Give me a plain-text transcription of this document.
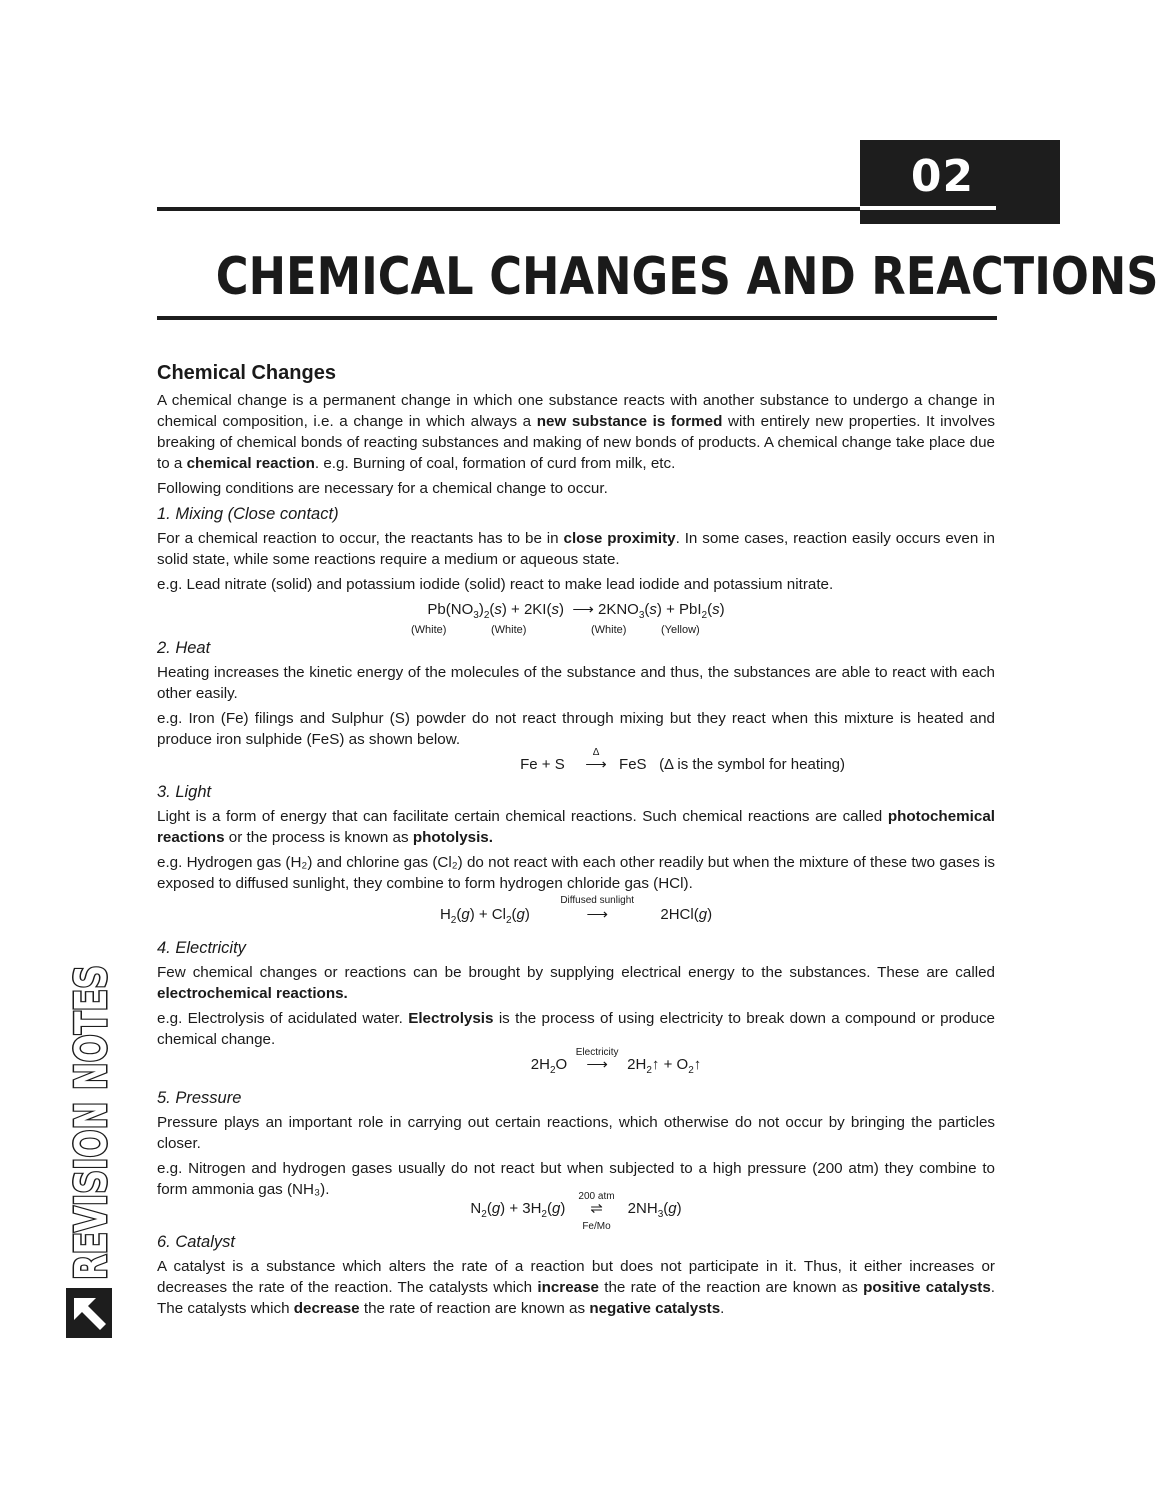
02
CHEMICAL CHANGES AND REACTIONS
Chemical Changes

A chemical change is a permanent change in which one substance reacts with another substance to undergo a change in chemical composition, i.e. a change in which always a new substance is formed with entirely new properties. It involves breaking of chemical bonds of reacting substances and making of new bonds of products. A chemical change take place due to a chemical reaction. e.g. Burning of coal, formation of curd from milk, etc.

Following conditions are necessary for a chemical change to occur.

1. Mixing (Close contact)

For a chemical reaction to occur, the reactants has to be in close proximity. In some cases, reaction easily occurs even in solid state, while some reactions require a medium or aqueous state.

e.g. Lead nitrate (solid) and potassium iodide (solid) react to make lead iodide and potassium nitrate.

$Pb(NO_3)_2(s) + 2KI(s)$  ⟶ $2KNO_3(s) + PbI_2(s)$
(White)	(White)	(White)	(Yellow)
2. Heat

Heating increases the kinetic energy of the molecules of the substance and thus, the substances are able to react with each other easily.

e.g. Iron (Fe) filings and Sulphur (S) powder do not react through mixing but they react when this mixture is heated and produce iron sulphide (FeS) as shown below.

Fe + S
Δ
⟶ FeS (Δ is the symbol for heating)
3. Light

Light is a form of energy that can facilitate certain chemical reactions. Such chemical reactions are called photochemical reactions or the process is known as photolysis.

e.g. Hydrogen gas (H₂) and chlorine gas (Cl₂) do not react with each other readily but when the mixture of these two gases is exposed to diffused sunlight, they combine to form hydrogen chloride gas (HCl).

$H_2(g) + Cl_2(g)$
Diffused sunlight
⟶	2HCl(g)
4. Electricity

Few chemical changes or reactions can be brought by supplying electrical energy to the substances. These are called electrochemical reactions.

e.g. Electrolysis of acidulated water. Electrolysis is the process of using electricity to break down a compound or produce chemical change.

$2H_2O$
Electricity
⟶ $2H_2↑$ + $O_2↑$
5. Pressure

Pressure plays an important role in carrying out certain reactions, which otherwise do not occur by bringing the particles closer.

e.g. Nitrogen and hydrogen gases usually do not react but when subjected to a high pressure (200 atm) they combine to form ammonia gas (NH₃).

$N_2(g) + 3H_2(g)$
200 atm
⇌
Fe/Mo
$2NH_3(g)$
6. Catalyst

A catalyst is a substance which alters the rate of a reaction but does not participate in it. Thus, it either increases or decreases the rate of the reaction. The catalysts which increase the rate of the reaction are known as positive catalysts. The catalysts which decrease the rate of reaction are known as negative catalysts.

REVISION NOTES
